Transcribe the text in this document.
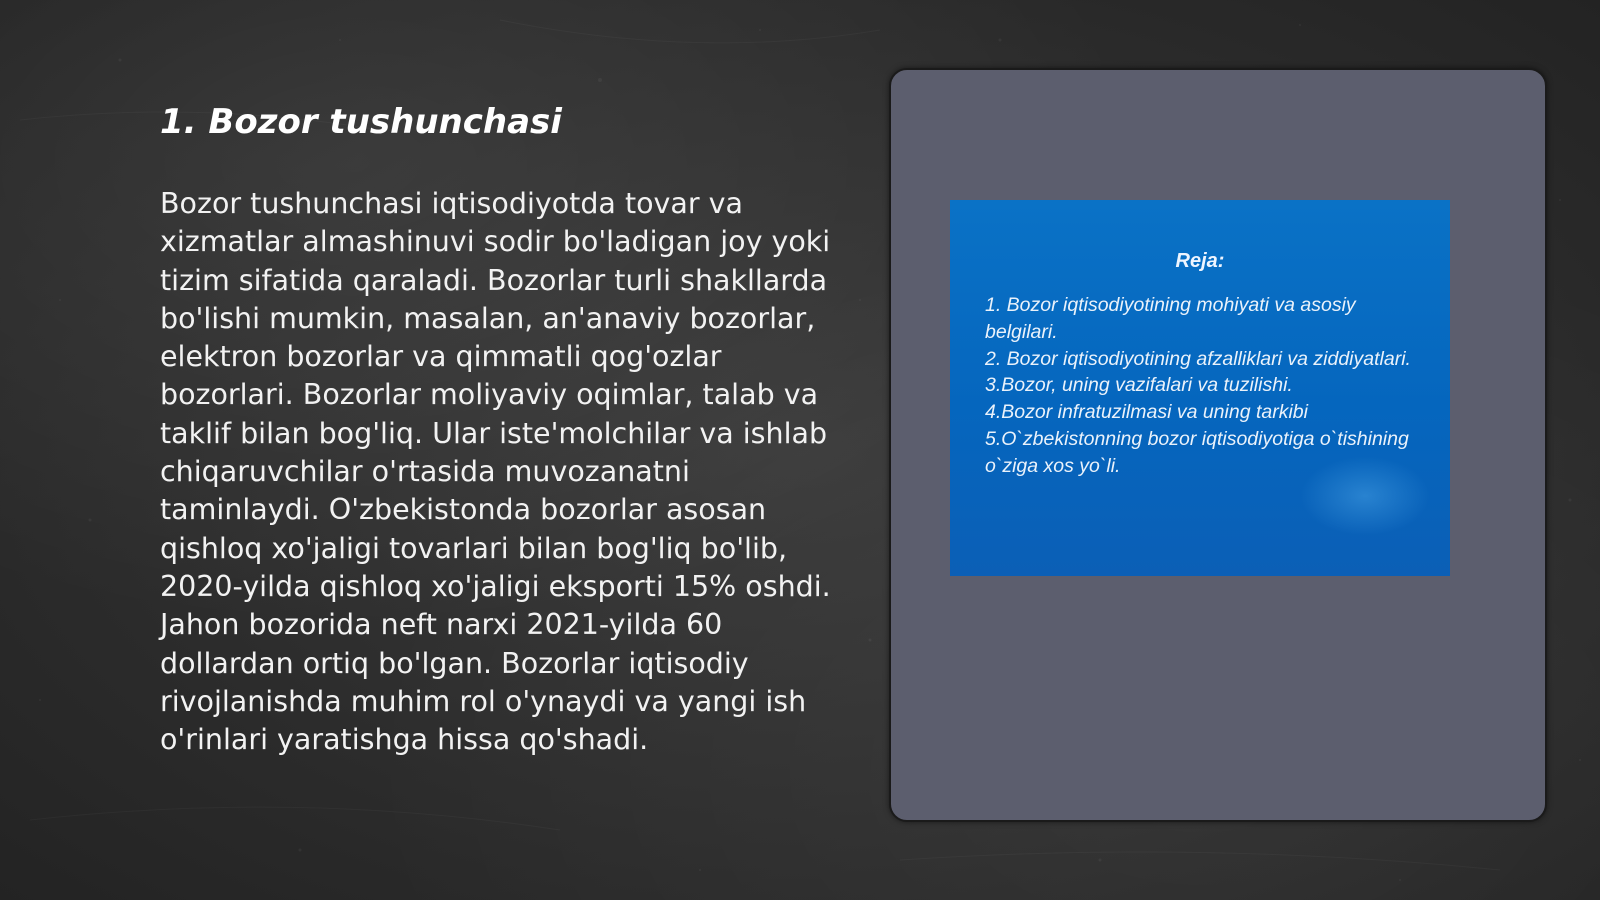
1. Bozor tushunchasi

Bozor tushunchasi iqtisodiyotda tovar va xizmatlar almashinuvi sodir bo'ladigan joy yoki tizim sifatida qaraladi. Bozorlar turli shakllarda bo'lishi mumkin, masalan, an'anaviy bozorlar, elektron bozorlar va qimmatli qog'ozlar bozorlari. Bozorlar moliyaviy oqimlar, talab va taklif bilan bog'liq. Ular iste'molchilar va ishlab chiqaruvchilar o'rtasida muvozanatni taminlaydi. O'zbekistonda bozorlar asosan qishloq xo'jaligi tovarlari bilan bog'liq bo'lib, 2020-yilda qishloq xo'jaligi eksporti 15% oshdi. Jahon bozorida neft narxi 2021-yilda 60 dollardan ortiq bo'lgan. Bozorlar iqtisodiy rivojlanishda muhim rol o'ynaydi va yangi ish o'rinlari yaratishga hissa qo'shadi.

Reja:

1. Bozor iqtisodiyotining mohiyati va asosiy belgilari.
2. Bozor iqtisodiyotining afzalliklari va ziddiyatlari.
3.Bozor, uning vazifalari va tuzilishi.
4.Bozor infratuzilmasi va uning tarkibi
5.O`zbekistonning bozor iqtisodiyotiga o`tishining o`ziga xos yo`li.
